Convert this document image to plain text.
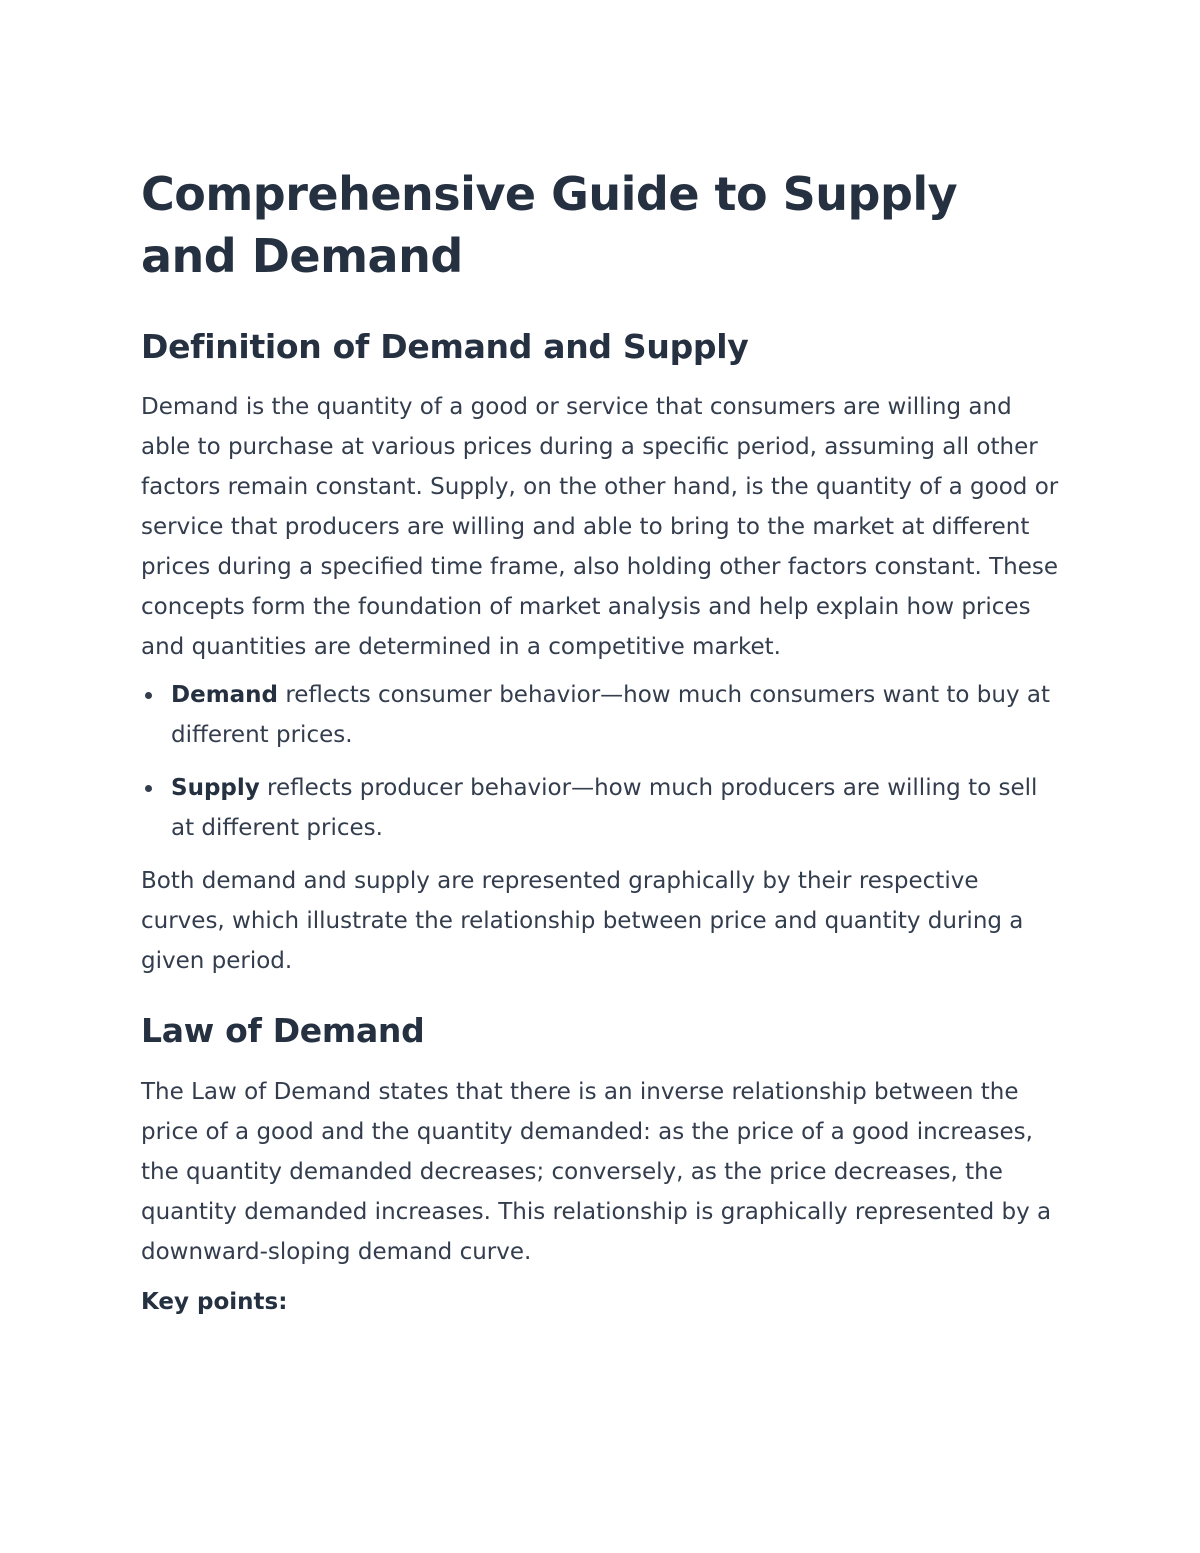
Comprehensive Guide to Supply and Demand
Definition of Demand and Supply

Demand is the quantity of a good or service that consumers are willing and able to purchase at various prices during a specific period, assuming all other factors remain constant. Supply, on the other hand, is the quantity of a good or service that producers are willing and able to bring to the market at different prices during a specified time frame, also holding other factors constant. These concepts form the foundation of market analysis and help explain how prices and quantities are determined in a competitive market.

Demand reflects consumer behavior—how much consumers want to buy at different prices.
Supply reflects producer behavior—how much producers are willing to sell at different prices.

Both demand and supply are represented graphically by their respective curves, which illustrate the relationship between price and quantity during a given period.

Law of Demand

The Law of Demand states that there is an inverse relationship between the price of a good and the quantity demanded: as the price of a good increases, the quantity demanded decreases; conversely, as the price decreases, the quantity demanded increases. This relationship is graphically represented by a downward-sloping demand curve.

Key points:
